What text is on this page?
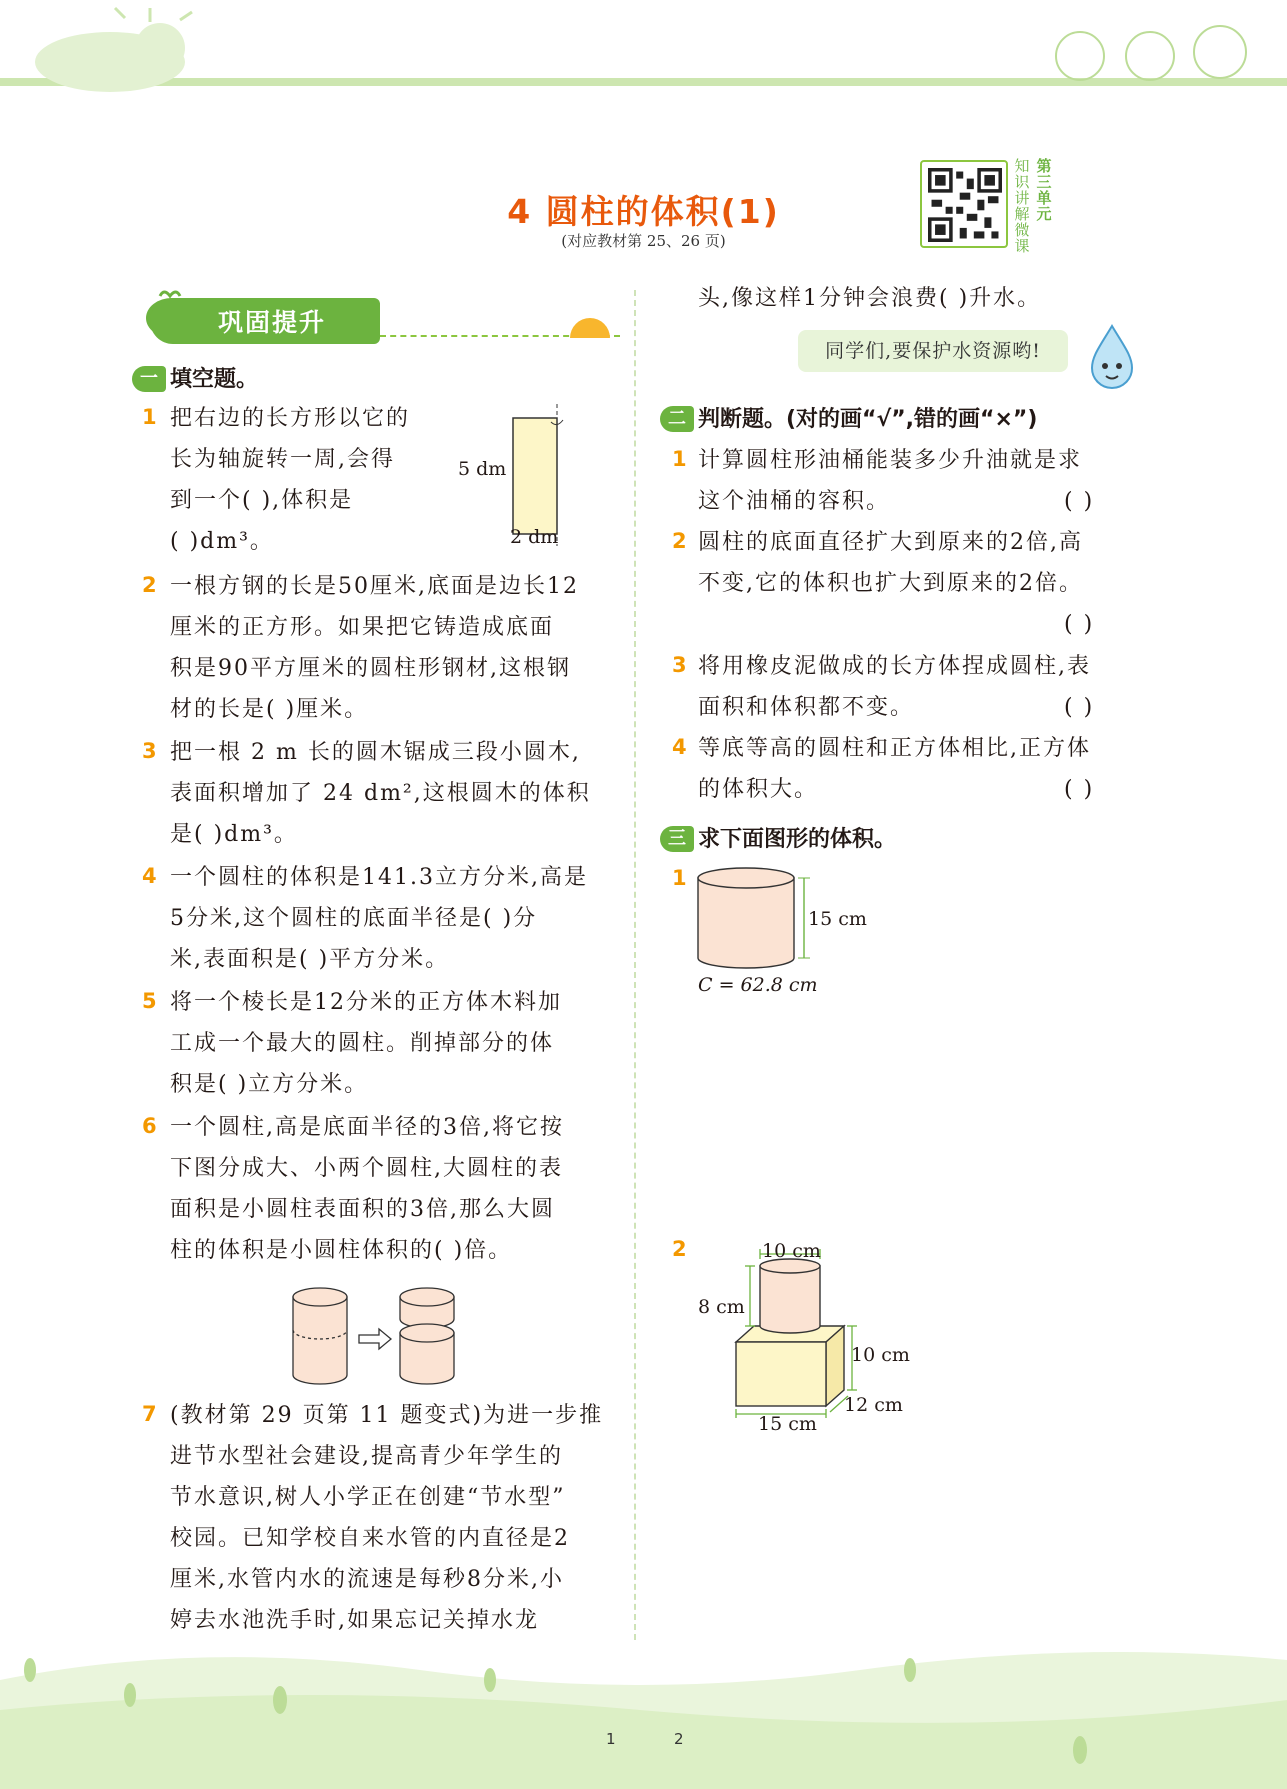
4 圆柱的体积(1)
(对应教材第 25、26 页)
知识讲解微课
第三单元
巩固提升
一 填空题。
1 把右边的长方形以它的
长为轴旋转一周,会得
到一个( ),体积是
( )dm³。
5 dm
2 dm
2 一根方钢的长是50厘米,底面是边长12
厘米的正方形。如果把它铸造成底面
积是90平方厘米的圆柱形钢材,这根钢
材的长是( )厘米。
3 把一根 2 m 长的圆木锯成三段小圆木,
表面积增加了 24 dm²,这根圆木的体积
是( )dm³。
4 一个圆柱的体积是141.3立方分米,高是
5分米,这个圆柱的底面半径是( )分
米,表面积是( )平方分米。
5 将一个棱长是12分米的正方体木料加
工成一个最大的圆柱。削掉部分的体
积是( )立方分米。
6 一个圆柱,高是底面半径的3倍,将它按
下图分成大、小两个圆柱,大圆柱的表
面积是小圆柱表面积的3倍,那么大圆
柱的体积是小圆柱体积的( )倍。
7 (教材第 29 页第 11 题变式)为进一步推
进节水型社会建设,提高青少年学生的
节水意识,树人小学正在创建“节水型”
校园。已知学校自来水管的内直径是2
厘米,水管内水的流速是每秒8分米,小
婷去水池洗手时,如果忘记关掉水龙
头,像这样1分钟会浪费( )升水。
同学们,要保护水资源哟!
二 判断题。(对的画“√”,错的画“×”)
1 计算圆柱形油桶能装多少升油就是求
这个油桶的容积。	( )
2 圆柱的底面直径扩大到原来的2倍,高
不变,它的体积也扩大到原来的2倍。
( )
3 将用橡皮泥做成的长方体捏成圆柱,表
面积和体积都不变。	( )
4 等底等高的圆柱和正方体相比,正方体
的体积大。	( )
三 求下面图形的体积。
1
15 cm
C = 62.8 cm
2	10 cm
8 cm
10 cm
12 cm
15 cm
1	2
